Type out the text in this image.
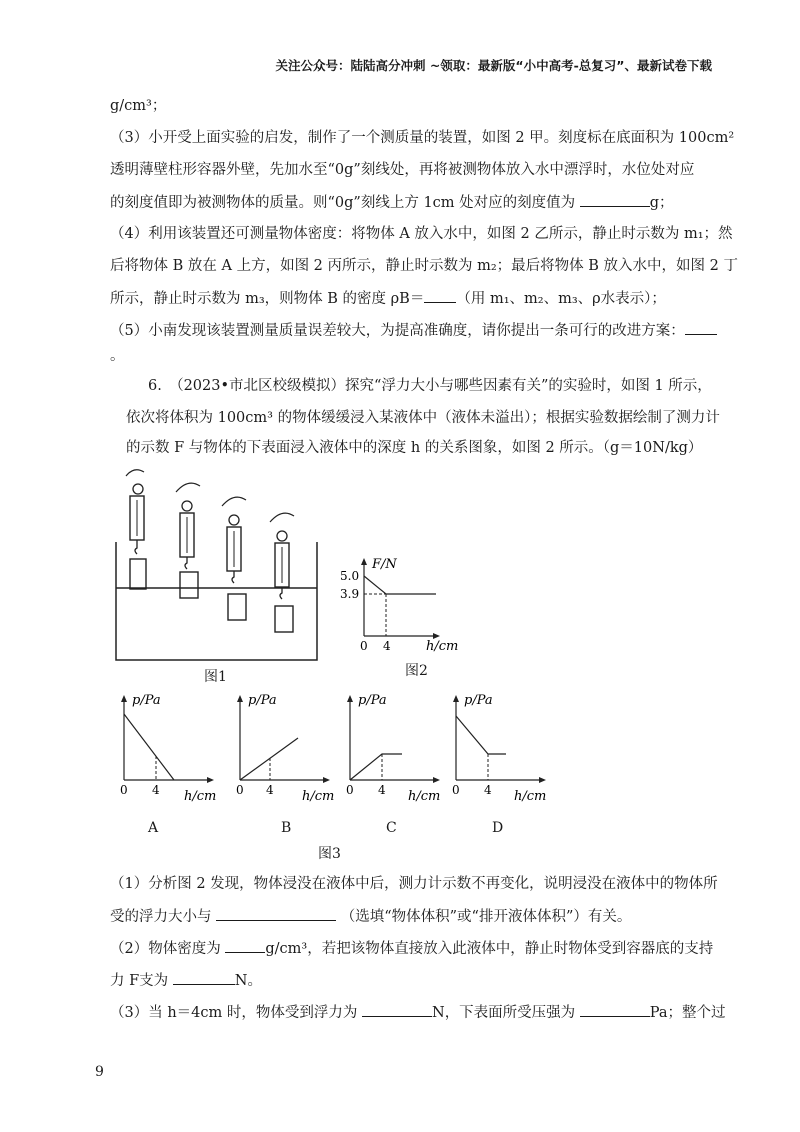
关注公众号：陆陆高分冲刺 ~领取：最新版“小中高考-总复习”、最新试卷下载
g/cm³；
（3）小开受上面实验的启发，制作了一个测质量的装置，如图 2 甲。刻度标在底面积为 100cm²
透明薄壁柱形容器外壁，先加水至“0g”刻线处，再将被测物体放入水中漂浮时，水位处对应
的刻度值即为被测物体的质量。则“0g”刻线上方 1cm 处对应的刻度值为	g；
（4）利用该装置还可测量物体密度：将物体 A 放入水中，如图 2 乙所示，静止时示数为 m₁；然
后将物体 B 放在 A 上方，如图 2 丙所示，静止时示数为 m₂；最后将物体 B 放入水中，如图 2 丁
所示，静止时示数为 m₃，则物体 B 的密度 ρB＝ （用 m₁、m₂、m₃、ρ水表示）；
（5）小南发现该装置测量质量误差较大，为提高准确度，请你提出一条可行的改进方案：
。
6.　（2023•市北区校级模拟）探究“浮力大小与哪些因素有关”的实验时，如图 1 所示，
依次将体积为 100cm³ 的物体缓缓浸入某液体中（液体未溢出）；根据实验数据绘制了测力计
的示数 F 与物体的下表面浸入液体中的深度 h 的关系图象，如图 2 所示。（g＝10N/kg）
图1
F/N
5.0
3.9
0 4	h/cm
图2
p/Pa
0 4 h/cm
A
p/Pa
0 4 h/cm
B
p/Pa
0 4 h/cm
C
p/Pa
0 4 h/cm
D
图3
（1）分析图 2 发现，物体浸没在液体中后，测力计示数不再变化，说明浸没在液体中的物体所
受的浮力大小与	（选填“物体体积”或“排开液体体积”）有关。
（2）物体密度为	g/cm³，若把该物体直接放入此液体中，静止时物体受到容器底的支持
力 F支为	N。
（3）当 h＝4cm 时，物体受到浮力为	N，下表面所受压强为	Pa；整个过
9
